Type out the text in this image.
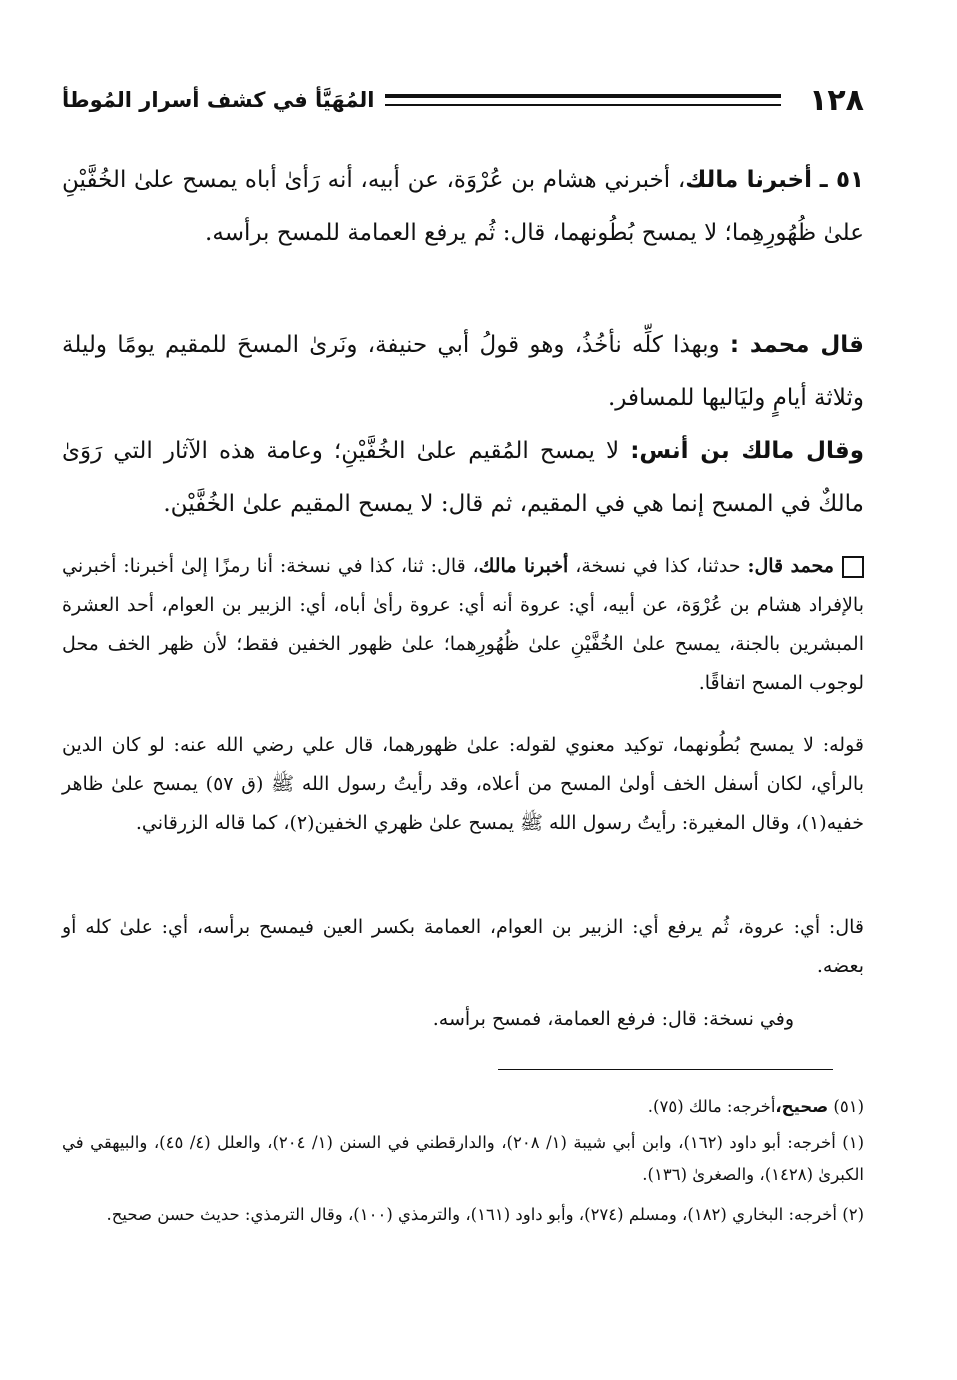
١٢٨
المُهَيَّأ في كشف أسرار المُوطأ

٥١ ـ أخبرنا مالك، أخبرني هشام بن عُرْوَة، عن أبيه، أنه رَأىٰ أباه يمسح علىٰ الخُفَّيْنِ علىٰ ظُهُورِهِما؛ لا يمسح بُطُونهما، قال: ثُم يرفع العمامة للمسح برأسه.

قال محمد : وبهذا كلِّه نأخُذُ، وهو قولُ أبي حنيفة، ونَرىٰ المسحَ للمقيم يومًا وليلة وثلاثة أيامٍ وليَاليها للمسافر.

وقال مالك بن أنس: لا يمسح المُقيم علىٰ الخُفَّيْنِ؛ وعامة هذه الآثار التي رَوَىٰ مالكٌ في المسح إنما هي في المقيم، ثم قال: لا يمسح المقيم علىٰ الخُفَّيْن.

محمد قال: حدثنا، كذا في نسخة، أخبرنا مالك، قال: ثنا، كذا في نسخة: أنا رمزًا إلىٰ أخبرنا: أخبرني بالإفراد هشام بن عُرْوَة، عن أبيه، أي: عروة أنه أي: عروة رأىٰ أباه، أي: الزبير بن العوام، أحد العشرة المبشرين بالجنة، يمسح علىٰ الخُفَّيْنِ علىٰ ظُهُورِهما؛ علىٰ ظهور الخفين فقط؛ لأن ظهر الخف محل لوجوب المسح اتفاقًا.

قوله: لا يمسح بُطُونهما، توكيد معنوي لقوله: علىٰ ظهورهما، قال علي رضي الله عنه: لو كان الدين بالرأي، لكان أسفل الخف أولىٰ المسح من أعلاه، وقد رأيتُ رسول الله ﷺ (ق ٥٧) يمسح علىٰ ظاهر خفيه(١)، وقال المغيرة: رأيتُ رسول الله ﷺ يمسح علىٰ ظهري الخفين(٢)، كما قاله الزرقاني.

قال: أي: عروة، ثُم يرفع أي: الزبير بن العوام، العمامة بكسر العين فيمسح برأسه، أي: علىٰ كله أو بعضه.

وفي نسخة: قال: فرفع العمامة، فمسح برأسه.

(٥١) صحيح،أخرجه: مالك (٧٥).

(١) أخرجه: أبو داود (١٦٢)، وابن أبي شيبة (١/ ٢٠٨)، والدارقطني في السنن (١/ ٢٠٤)، والعلل (٤/ ٤٥)، والبيهقي في الكبرىٰ (١٤٢٨)، والصغرىٰ (١٣٦).

(٢) أخرجه: البخاري (١٨٢)، ومسلم (٢٧٤)، وأبو داود (١٦١)، والترمذي (١٠٠)، وقال الترمذي: حديث حسن صحيح.
